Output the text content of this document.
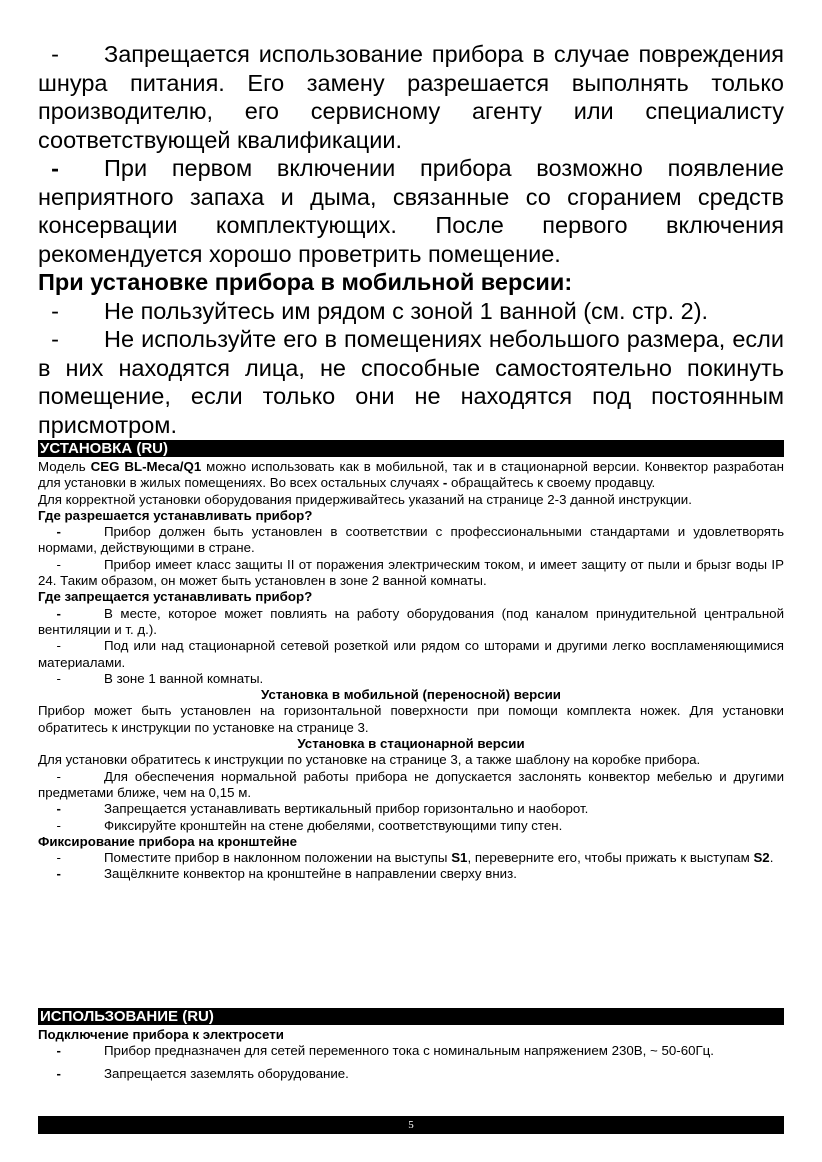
- Запрещается использование прибора в случае повреждения шнура питания. Его замену разрешается выполнять только производителю, его сервисному агенту или специалисту соответствующей квалификации.

- При первом включении прибора возможно появление неприятного запаха и дыма, связанные со сгоранием средств консервации комплектующих. После первого включения рекомендуется хорошо проветрить помещение.

При установке прибора в мобильной версии:

- Не пользуйтесь им рядом с зоной 1 ванной (см. стр. 2).

- Не используйте его в помещениях небольшого размера, если в них находятся лица, не способные самостоятельно покинуть помещение, если только они не находятся под постоянным присмотром.

УСТАНОВКА (RU)

Модель CEG BL-Meca/Q1 можно использовать как в мобильной, так и в стационарной версии. Конвектор разработан для установки в жилых помещениях. Во всех остальных случаях - обращайтесь к своему продавцу.

Для корректной установки оборудования придерживайтесь указаний на странице 2-3 данной инструкции.

Где разрешается устанавливать прибор?

-	Прибор должен быть установлен в соответствии с профессиональными стандартами и удовлетворять нормами, действующими в стране.

-	Прибор имеет класс защиты II от поражения электрическим током, и имеет защиту от пыли и брызг воды IP 24. Таким образом, он может быть установлен в зоне 2 ванной комнаты.

Где запрещается устанавливать прибор?

-	В месте, которое может повлиять на работу оборудования (под каналом принудительной центральной вентиляции и т. д.).

-	Под или над стационарной сетевой розеткой или рядом со шторами и другими легко воспламеняющимися материалами.

-	В зоне 1 ванной комнаты.

Установка в мобильной (переносной) версии

Прибор может быть установлен на горизонтальной поверхности при помощи комплекта ножек. Для установки обратитесь к инструкции по установке на странице 3.

Установка в стационарной версии

Для установки обратитесь к инструкции по установке на странице 3, а также шаблону на коробке прибора.

-	Для обеспечения нормальной работы прибора не допускается заслонять конвектор мебелью и другими предметами ближе, чем на 0,15 м.

-	Запрещается устанавливать вертикальный прибор горизонтально и наоборот.

-	Фиксируйте кронштейн на стене дюбелями, соответствующими типу стен.

Фиксирование прибора на кронштейне

-	Поместите прибор в наклонном положении на выступы S1, переверните его, чтобы прижать к выступам S2.

-	Защёлкните конвектор на кронштейне в направлении сверху вниз.

ИСПОЛЬЗОВАНИЕ (RU)
Подключение прибора к электросети

-	Прибор предназначен для сетей переменного тока с номинальным напряжением 230В, ~ 50-60Гц.

-	Запрещается заземлять оборудование.

5
